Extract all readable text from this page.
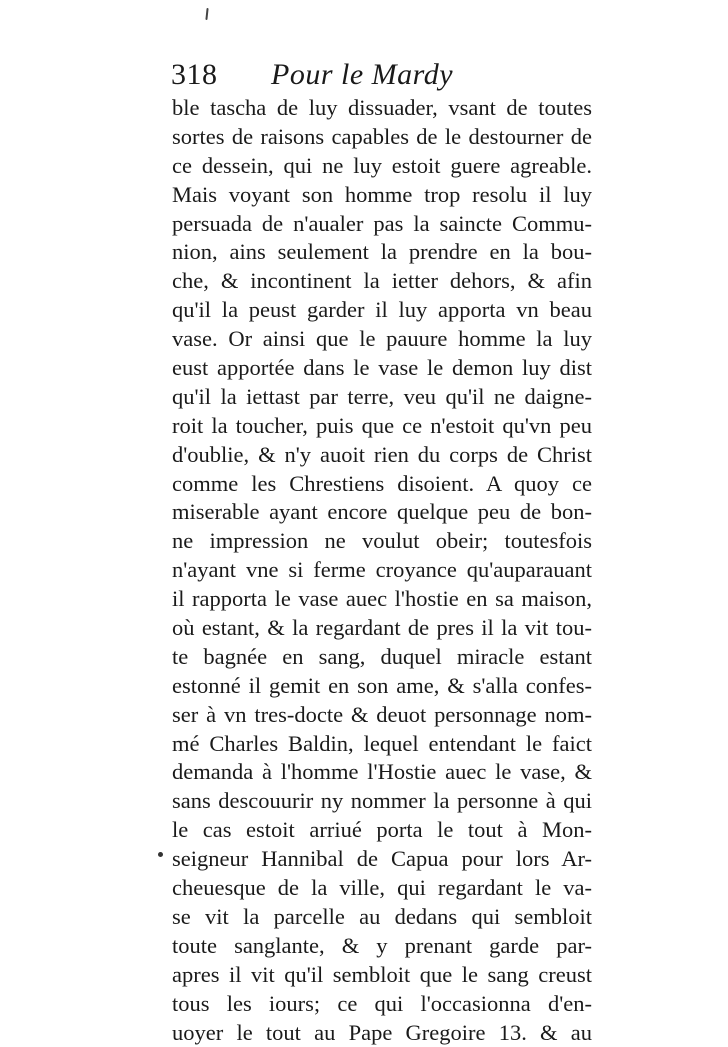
318 Pour le Mardy
ble tascha de luy dissuader, vsant de toutes
sortes de raisons capables de le destourner de
ce dessein, qui ne luy estoit guere agreable.
Mais voyant son homme trop resolu il luy
persuada de n'aualer pas la saincte Commu-
nion, ains seulement la prendre en la bou-
che, & incontinent la ietter dehors, & afin
qu'il la peust garder il luy apporta vn beau
vase. Or ainsi que le pauure homme la luy
eust apportée dans le vase le demon luy dist
qu'il la iettast par terre, veu qu'il ne daigne-
roit la toucher, puis que ce n'estoit qu'vn peu
d'oublie, & n'y auoit rien du corps de Christ
comme les Chrestiens disoient. A quoy ce
miserable ayant encore quelque peu de bon-
ne impression ne voulut obeir; toutesfois
n'ayant vne si ferme croyance qu'auparauant
il rapporta le vase auec l'hostie en sa maison,
où estant, & la regardant de pres il la vit tou-
te bagnée en sang, duquel miracle estant
estonné il gemit en son ame, & s'alla confes-
ser à vn tres-docte & deuot personnage nom-
mé Charles Baldin, lequel entendant le faict
demanda à l'homme l'Hostie auec le vase, &
sans descouurir ny nommer la personne à qui
le cas estoit arriué porta le tout à Mon-
seigneur Hannibal de Capua pour lors Ar-
cheuesque de la ville, qui regardant le va-
se vit la parcelle au dedans qui sembloit
toute sanglante, & y prenant garde par-
apres il vit qu'il sembloit que le sang creust
tous les iours; ce qui l'occasionna d'en-
uoyer le tout au Pape Gregoire 13. & au
